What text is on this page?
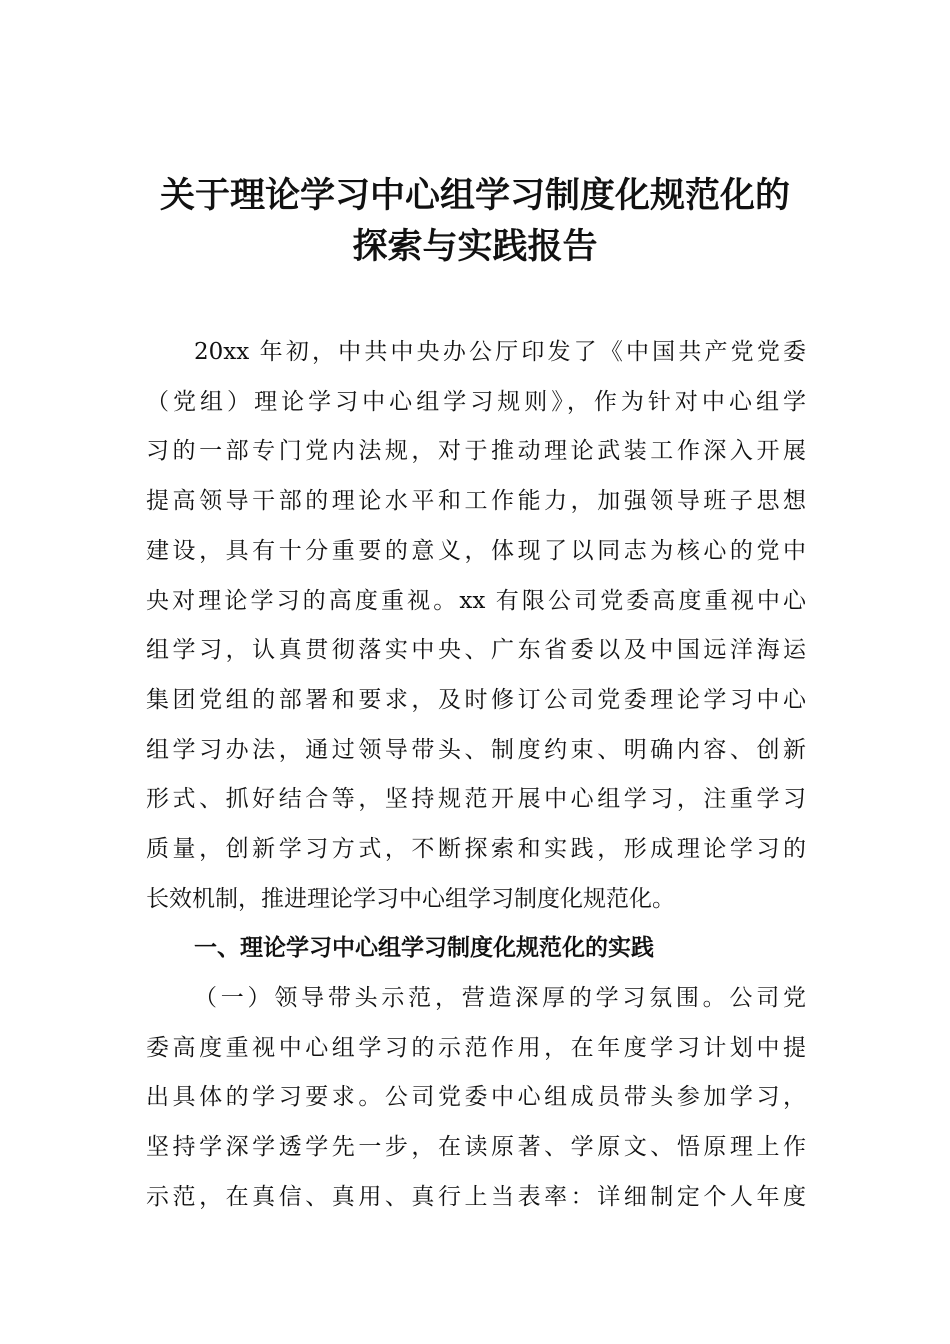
关于理论学习中心组学习制度化规范化的
探索与实践报告
20xx 年初，中共中央办公厅印发了《中国共产党党委
（党组）理论学习中心组学习规则》，作为针对中心组学
习的一部专门党内法规，对于推动理论武装工作深入开展
提高领导干部的理论水平和工作能力，加强领导班子思想
建设，具有十分重要的意义，体现了以同志为核心的党中
央对理论学习的高度重视。xx 有限公司党委高度重视中心
组学习，认真贯彻落实中央、广东省委以及中国远洋海运
集团党组的部署和要求，及时修订公司党委理论学习中心
组学习办法，通过领导带头、制度约束、明确内容、创新
形式、抓好结合等，坚持规范开展中心组学习，注重学习
质量，创新学习方式，不断探索和实践，形成理论学习的
长效机制，推进理论学习中心组学习制度化规范化。
一、理论学习中心组学习制度化规范化的实践
（一）领导带头示范，营造深厚的学习氛围。公司党
委高度重视中心组学习的示范作用，在年度学习计划中提
出具体的学习要求。公司党委中心组成员带头参加学习，
坚持学深学透学先一步，在读原著、学原文、悟原理上作
示范，在真信、真用、真行上当表率：详细制定个人年度
